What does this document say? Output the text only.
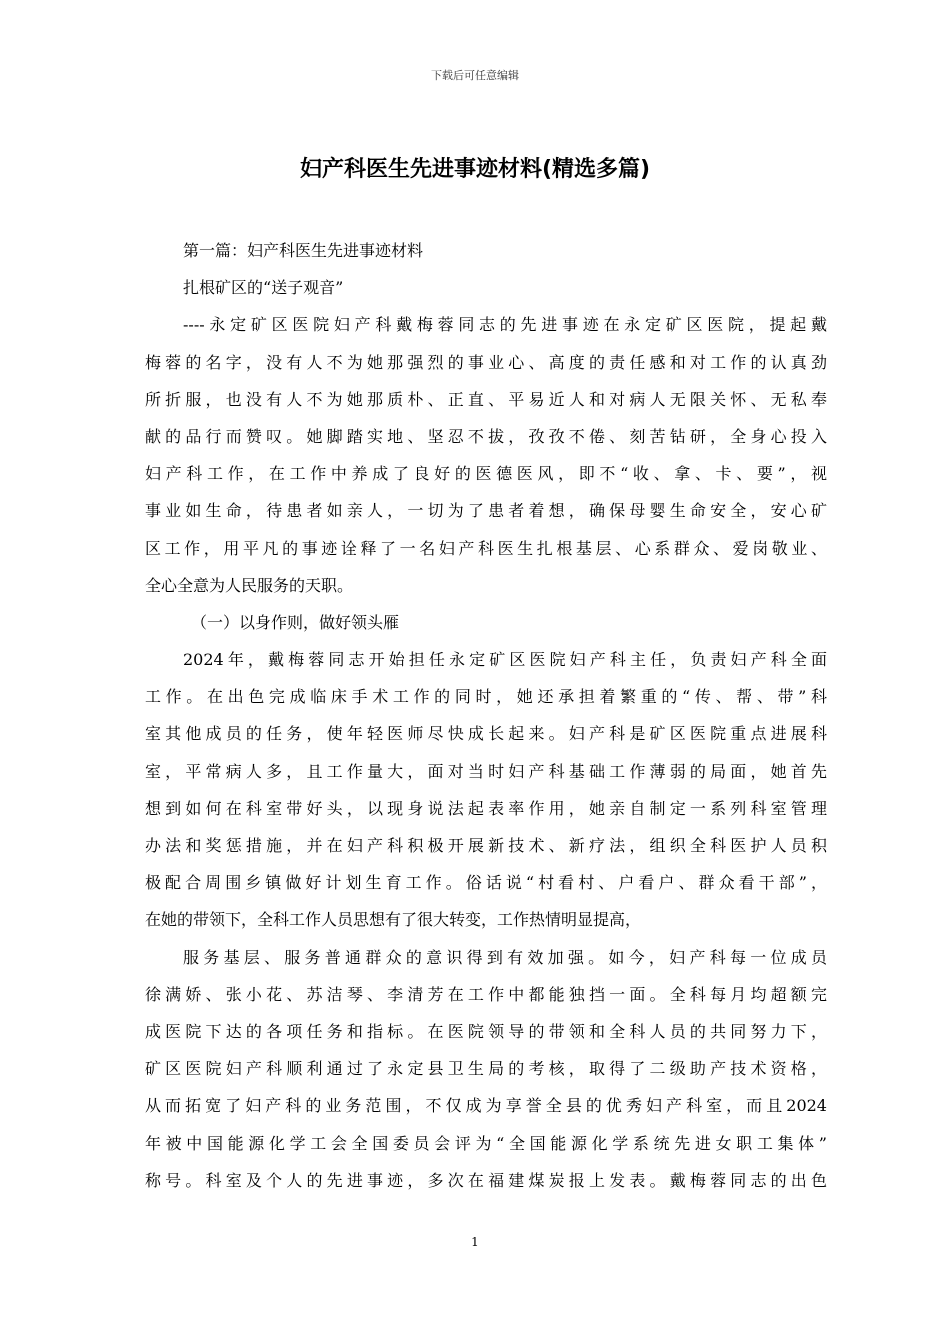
下载后可任意编辑
妇产科医生先进事迹材料(精选多篇)
第一篇：妇产科医生先进事迹材料
扎根矿区的“送子观音”
----永定矿区医院妇产科戴梅蓉同志的先进事迹在永定矿区医院，提起戴
梅蓉的名字，没有人不为她那强烈的事业心、高度的责任感和对工作的认真劲
所折服，也没有人不为她那质朴、正直、平易近人和对病人无限关怀、无私奉
献的品行而赞叹。她脚踏实地、坚忍不拔，孜孜不倦、刻苦钻研，全身心投入
妇产科工作，在工作中养成了良好的医德医风，即不“收、拿、卡、要”，视
事业如生命，待患者如亲人，一切为了患者着想，确保母婴生命安全，安心矿
区工作，用平凡的事迹诠释了一名妇产科医生扎根基层、心系群众、爱岗敬业、
全心全意为人民服务的天职。
（一）以身作则，做好领头雁
2024年，戴梅蓉同志开始担任永定矿区医院妇产科主任，负责妇产科全面
工作。在出色完成临床手术工作的同时，她还承担着繁重的“传、帮、带”科
室其他成员的任务，使年轻医师尽快成长起来。妇产科是矿区医院重点进展科
室，平常病人多，且工作量大，面对当时妇产科基础工作薄弱的局面，她首先
想到如何在科室带好头，以现身说法起表率作用，她亲自制定一系列科室管理
办法和奖惩措施，并在妇产科积极开展新技术、新疗法，组织全科医护人员积
极配合周围乡镇做好计划生育工作。俗话说“村看村、户看户、群众看干部”，
在她的带领下，全科工作人员思想有了很大转变，工作热情明显提高，
服务基层、服务普通群众的意识得到有效加强。如今，妇产科每一位成员
徐满娇、张小花、苏洁琴、李清芳在工作中都能独挡一面。全科每月均超额完
成医院下达的各项任务和指标。在医院领导的带领和全科人员的共同努力下，
矿区医院妇产科顺利通过了永定县卫生局的考核，取得了二级助产技术资格，
从而拓宽了妇产科的业务范围，不仅成为享誉全县的优秀妇产科室，而且2024
年被中国能源化学工会全国委员会评为“全国能源化学系统先进女职工集体”
称号。科室及个人的先进事迹，多次在福建煤炭报上发表。戴梅蓉同志的出色
1
